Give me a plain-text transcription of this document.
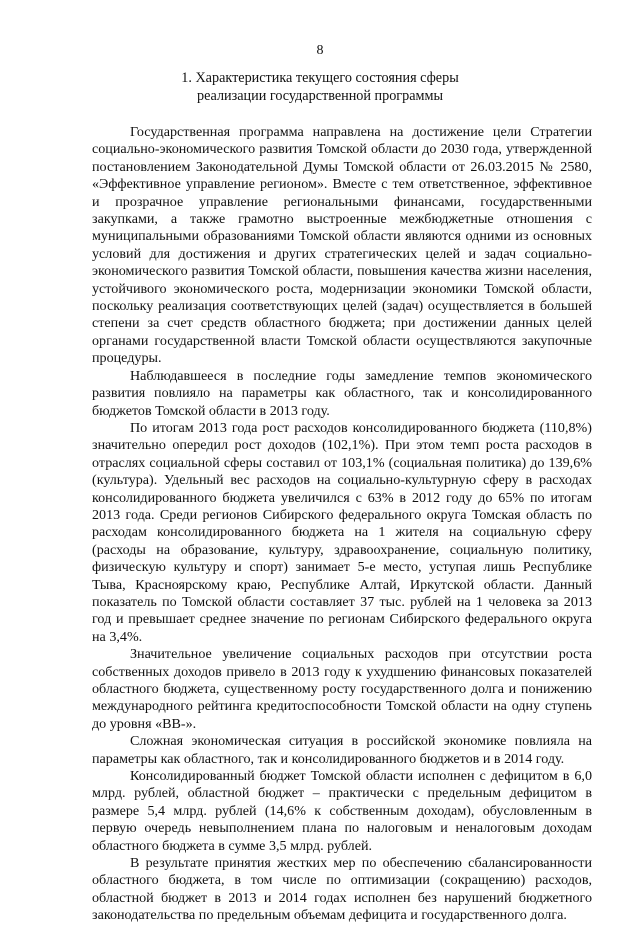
8
1. Характеристика текущего состояния сферы реализации государственной программы

Государственная программа направлена на достижение цели Стратегии социально-экономического развития Томской области до 2030 года, утвержденной постановлением Законодательной Думы Томской области от 26.03.2015 № 2580, «Эффективное управление регионом». Вместе с тем ответственное, эффективное и прозрачное управление региональными финансами, государственными закупками, а также грамотно выстроенные межбюджетные отношения с муниципальными образованиями Томской области являются одними из основных условий для достижения и других стратегических целей и задач социально-экономического развития Томской области, повышения качества жизни населения, устойчивого экономического роста, модернизации экономики Томской области, поскольку реализация соответствующих целей (задач) осуществляется в большей степени за счет средств областного бюджета; при достижении данных целей органами государственной власти Томской области осуществляются закупочные процедуры.

Наблюдавшееся в последние годы замедление темпов экономического развития повлияло на параметры как областного, так и консолидированного бюджетов Томской области в 2013 году.

По итогам 2013 года рост расходов консолидированного бюджета (110,8%) значительно опередил рост доходов (102,1%). При этом темп роста расходов в отраслях социальной сферы составил от 103,1% (социальная политика) до 139,6% (культура). Удельный вес расходов на социально-культурную сферу в расходах консолидированного бюджета увеличился с 63% в 2012 году до 65% по итогам 2013 года. Среди регионов Сибирского федерального округа Томская область по расходам консолидированного бюджета на 1 жителя на социальную сферу (расходы на образование, культуру, здравоохранение, социальную политику, физическую культуру и спорт) занимает 5-е место, уступая лишь Республике Тыва, Красноярскому краю, Республике Алтай, Иркутской области. Данный показатель по Томской области составляет 37 тыс. рублей на 1 человека за 2013 год и превышает среднее значение по регионам Сибирского федерального округа на 3,4%.

Значительное увеличение социальных расходов при отсутствии роста собственных доходов привело в 2013 году к ухудшению финансовых показателей областного бюджета, существенному росту государственного долга и понижению международного рейтинга кредитоспособности Томской области на одну ступень до уровня «ВВ-».

Сложная экономическая ситуация в российской экономике повлияла на параметры как областного, так и консолидированного бюджетов и в 2014 году.

Консолидированный бюджет Томской области исполнен с дефицитом в 6,0 млрд. рублей, областной бюджет – практически с предельным дефицитом в размере 5,4 млрд. рублей (14,6% к собственным доходам), обусловленным в первую очередь невыполнением плана по налоговым и неналоговым доходам областного бюджета в сумме 3,5 млрд. рублей.

В результате принятия жестких мер по обеспечению сбалансированности областного бюджета, в том числе по оптимизации (сокращению) расходов, областной бюджет в 2013 и 2014 годах исполнен без нарушений бюджетного законодательства по предельным объемам дефицита и государственного долга.
